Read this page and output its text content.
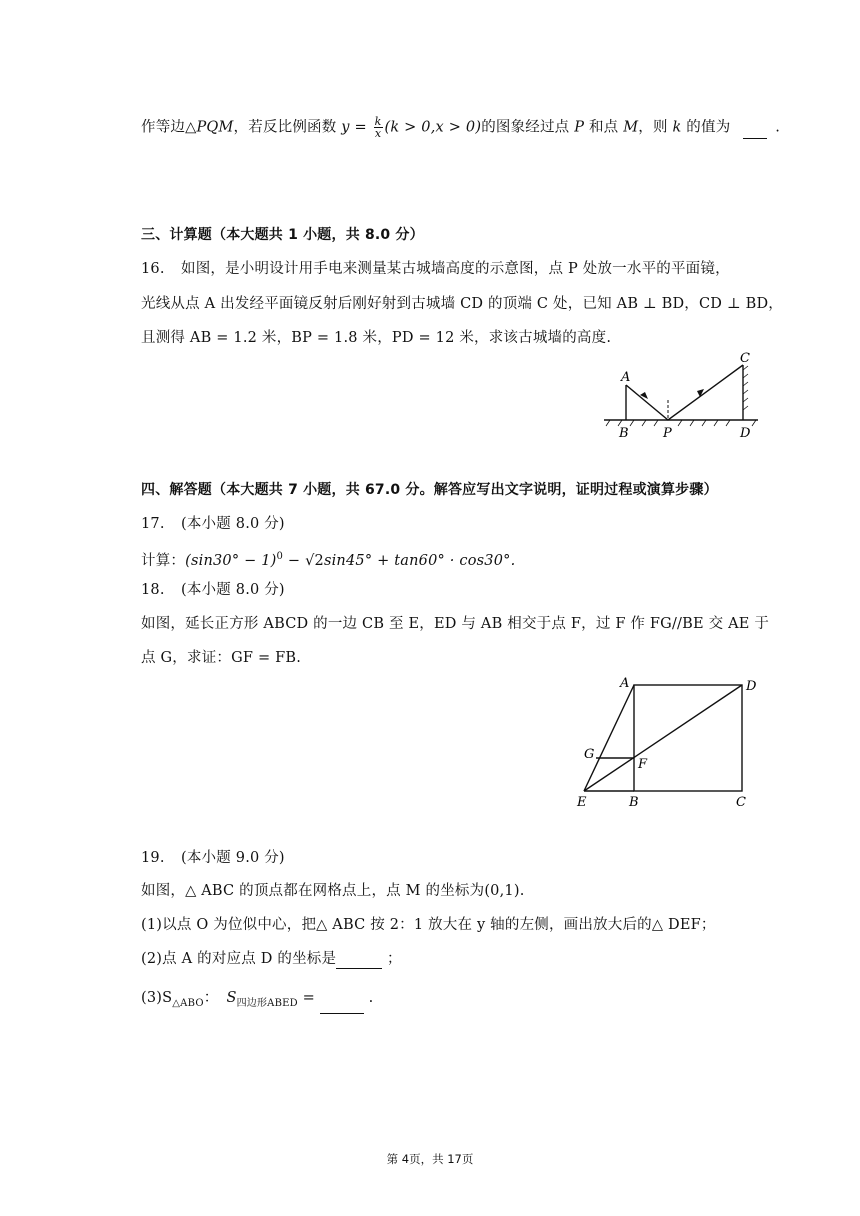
作等边△PQM，若反比例函数 $y = \frac{k}{x} (k > 0,x > 0)$的图象经过点 P 和点 M，则 k 的值为	.
三、计算题（本大题共 1 小题，共 8.0 分）
16. 如图，是小明设计用手电来测量某古城墙高度的示意图，点 P 处放一水平的平面镜，
光线从点 A 出发经平面镜反射后刚好射到古城墙 CD 的顶端 C 处，已知 AB ⊥ BD，CD ⊥ BD，
且测得 AB = 1.2 米，BP = 1.8 米，PD = 12 米，求该古城墙的高度.
A
B	P
C
D
四、解答题（本大题共 7 小题，共 67.0 分。解答应写出文字说明，证明过程或演算步骤）
17. (本小题 8.0 分)
计算：$(\sin 30^\circ - 1)^0 - √2\sin 45^\circ + \tan 60^\circ \cdot \cos 30^\circ$.
18. (本小题 8.0 分)
如图，延长正方形 ABCD 的一边 CB 至 E，ED 与 AB 相交于点 F，过 F 作 FG//BE 交 AE 于
点 G，求证：GF = FB.
A	D
G
F
E	B	C
19. (本小题 9.0 分)
如图，△ ABC 的顶点都在网格点上，点 M 的坐标为(0,1).
(1)以点 O 为位似中心，把△ ABC 按 2：1 放大在 y 轴的左侧，画出放大后的△ DEF；
(2)点 A 的对应点 D 的坐标是	；
$(3)S_{\triangle ABO}$： $S_{四边形ABED}$ =	.
第 4页，共 17页
